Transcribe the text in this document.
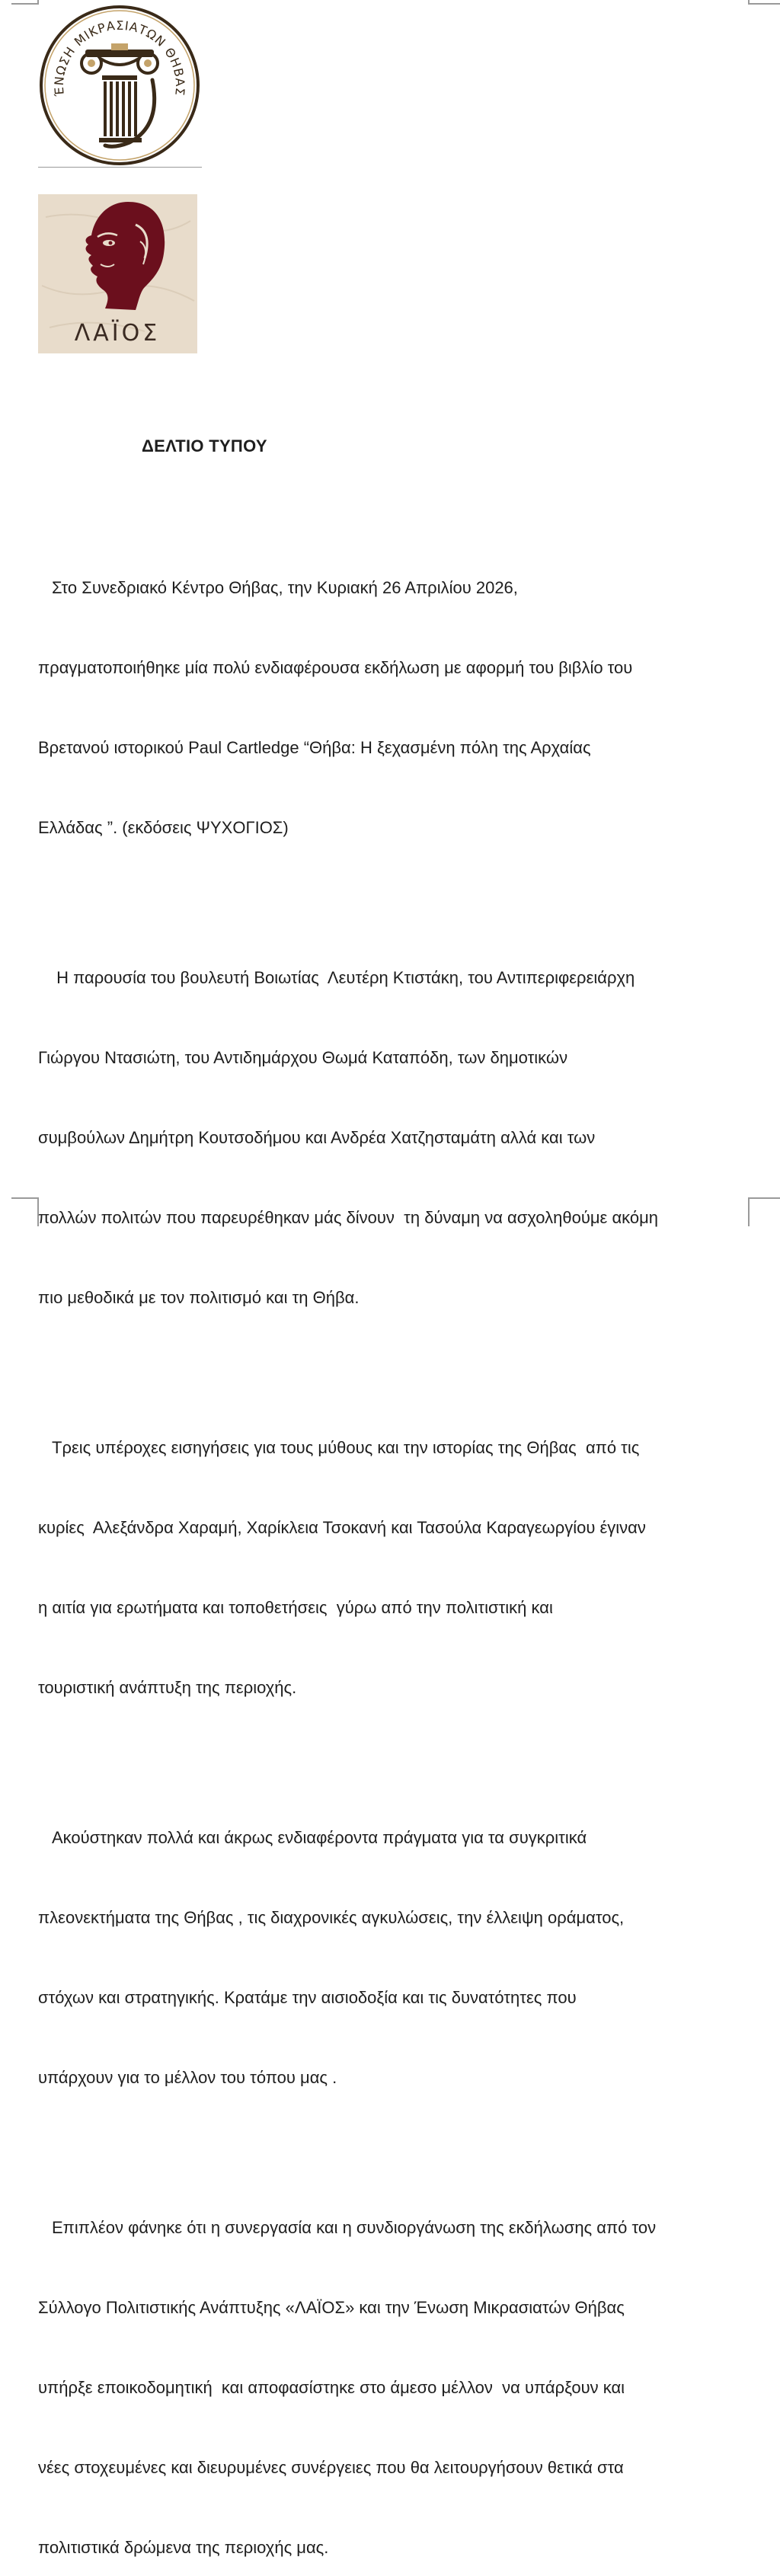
ΈΝΩΣΗ ΜΙΚΡΑΣΙΑΤΩΝ ΘΗΒΑΣ
ΛΑΪΟΣ
ΔΕΛΤΙΟ ΤΥΠΟΥ

Στο Συνεδριακό Κέντρο Θήβας, την Κυριακή 26 Απριλίου 2026,

πραγματοποιήθηκε μία πολύ ενδιαφέρουσα εκδήλωση με αφορμή του βιβλίο του

Βρετανού ιστορικού Paul Cartledge “Θήβα: Η ξεχασμένη πόλη της Αρχαίας

Ελλάδας ”. (εκδόσεις ΨΥΧΟΓΙΟΣ)

Η παρουσία του βουλευτή Βοιωτίας  Λευτέρη Κτιστάκη, του Αντιπεριφερειάρχη

Γιώργου Ντασιώτη, του Αντιδημάρχου Θωμά Καταπόδη, των δημοτικών

συμβούλων Δημήτρη Κουτσοδήμου και Ανδρέα Χατζησταμάτη αλλά και των

πολλών πολιτών που παρευρέθηκαν μάς δίνουν  τη δύναμη να ασχοληθούμε ακόμη

πιο μεθοδικά με τον πολιτισμό και τη Θήβα.

Τρεις υπέροχες εισηγήσεις για τους μύθους και την ιστορίας της Θήβας  από τις

κυρίες  Αλεξάνδρα Χαραμή, Χαρίκλεια Τσοκανή και Τασούλα Καραγεωργίου έγιναν

η αιτία για ερωτήματα και τοποθετήσεις  γύρω από την πολιτιστική και

τουριστική ανάπτυξη της περιοχής.

Ακούστηκαν πολλά και άκρως ενδιαφέροντα πράγματα για τα συγκριτικά

πλεονεκτήματα της Θήβας , τις διαχρονικές αγκυλώσεις, την έλλειψη οράματος,

στόχων και στρατηγικής. Κρατάμε την αισιοδοξία και τις δυνατότητες που

υπάρχουν για το μέλλον του τόπου μας .

Επιπλέον φάνηκε ότι η συνεργασία και η συνδιοργάνωση της εκδήλωσης από τον

Σύλλογο Πολιτιστικής Ανάπτυξης «ΛΑΪΟΣ» και την Ένωση Μικρασιατών Θήβας

υπήρξε εποικοδομητική  και αποφασίστηκε στο άμεσο μέλλον  να υπάρξουν και

νέες στοχευμένες και διευρυμένες συνέργειες που θα λειτουργήσουν θετικά στα

πολιτιστικά δρώμενα της περιοχής μας.
